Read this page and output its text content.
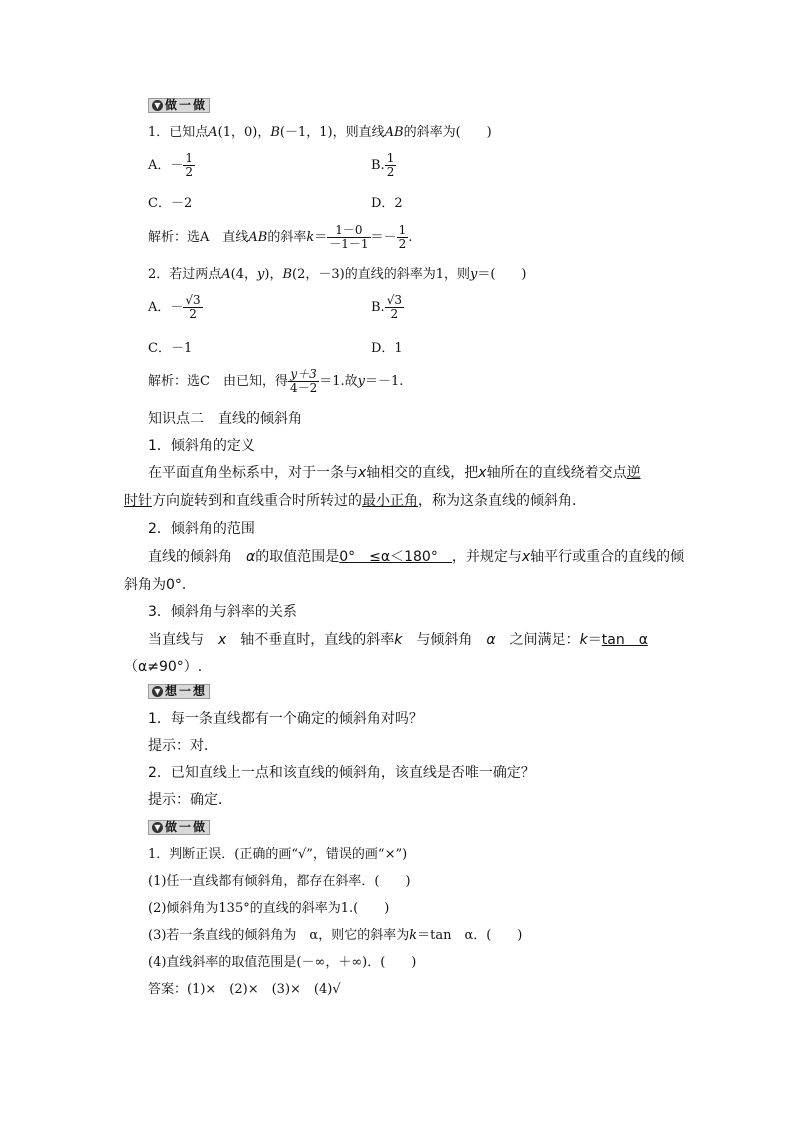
▼ 做一做
1．已知点A(1，0)，B(－1，1)，则直线AB的斜率为(　　)
A．－ $\frac{1}{2}$	B. $\frac{1}{2}$
C．－2	D．2
解析：选A　直线AB的斜率$k= \frac{1-0}{-1-1} =- \frac{1}{2}$ .
2．若过两点A(4，y)，B(2，－3)的直线的斜率为1，则y＝(　　)
A．－ $\frac{√3}{2}$	B. $\frac{√3}{2}$
C．－1	D．1
解析：选C　由已知，得 $\frac{y+3}{4-2} =1$.故y＝－1.
知识点二　直线的倾斜角
1．倾斜角的定义
在平面直角坐标系中，对于一条与x轴相交的直线，把x轴所在的直线绕着交点逆
时针方向旋转到和直线重合时所转过的最小正角，称为这条直线的倾斜角．
2．倾斜角的范围
直线的倾斜角　α的取值范围是0°　≤α＜180°　，并规定与x轴平行或重合的直线的倾
斜角为0°．
3．倾斜角与斜率的关系
当直线与　x　轴不垂直时，直线的斜率k　与倾斜角　α　之间满足：k＝tan　α
（α≠90°）.
▼ 想一想
1．每一条直线都有一个确定的倾斜角对吗？
提示：对．
2．已知直线上一点和该直线的倾斜角，该直线是否唯一确定？
提示：确定．
▼ 做一做
1．判断正误．(正确的画“√”，错误的画“×”)
(1)任一直线都有倾斜角，都存在斜率．(　　)
(2)倾斜角为135°的直线的斜率为1.(　　)
(3)若一条直线的倾斜角为　α，则它的斜率为k＝tan　α．(　　)
(4)直线斜率的取值范围是(－∞，＋∞)．(　　)
答案：(1)×　(2)×　(3)×　(4)√
